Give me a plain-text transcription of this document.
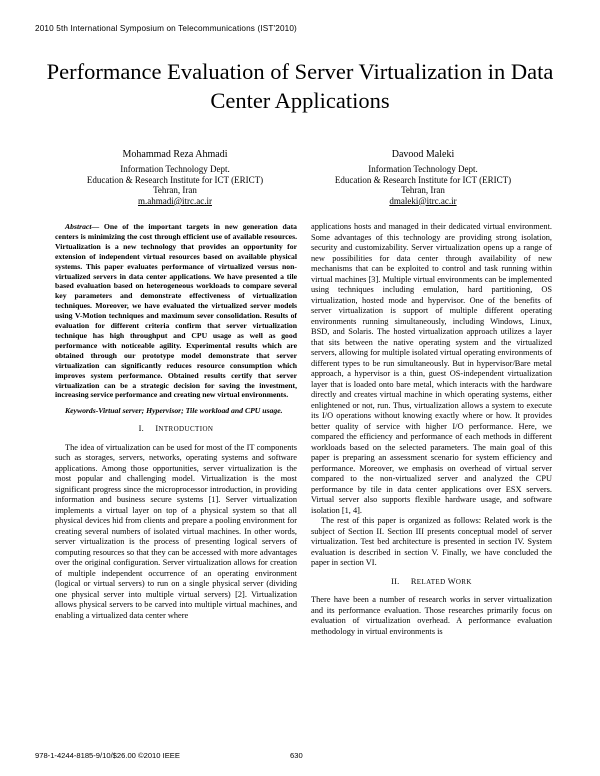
2010 5th International Symposium on Telecommunications (IST'2010)
Performance Evaluation of Server Virtualization in Data Center Applications
Mohammad Reza Ahmadi
Information Technology Dept.
Education & Research Institute for ICT (ERICT)
Tehran, Iran
m.ahmadi@itrc.ac.ir
Davood Maleki
Information Technology Dept.
Education & Research Institute for ICT (ERICT)
Tehran, Iran
dmaleki@itrc.ac.ir

Abstract— One of the important targets in new generation data centers is minimizing the cost through efficient use of available resources. Virtualization is a new technology that provides an opportunity for extension of independent virtual resources based on available physical systems. This paper evaluates performance of virtualized versus non-virtualized servers in data center applications. We have presented a tile based evaluation based on heterogeneous workloads to compare several key parameters and demonstrate effectiveness of virtualization techniques. Moreover, we have evaluated the virtualized server models using V-Motion techniques and maximum sever consolidation. Results of evaluation for different criteria confirm that server virtualization technique has high throughput and CPU usage as well as good performance with noticeable agility. Experimental results which are obtained through our prototype model demonstrate that server virtualization can significantly reduces resource consumption which improves system performance. Obtained results certify that server virtualization can be a strategic decision for saving the investment, increasing service performance and creating new virtual environments.

Keywords-Virtual server; Hypervisor; Tile workload and CPU usage.

I. INTRODUCTION

The idea of virtualization can be used for most of the IT components such as storages, servers, networks, operating systems and software applications. Among those opportunities, server virtualization is the most popular and challenging model. Virtualization is the most significant progress since the microprocessor introduction, in providing information and business secure systems [1]. Server virtualization implements a virtual layer on top of a physical system so that all physical devices hid from clients and prepare a pooling environment for creating several numbers of isolated virtual machines. In other words, server virtualization is the process of presenting logical servers of computing resources so that they can be accessed with more advantages over the original configuration. Server virtualization allows for creation of multiple independent occurrence of an operating environment (logical or virtual servers) to run on a single physical server (dividing one physical server into multiple virtual servers) [2]. Virtualization allows physical servers to be carved into multiple virtual machines, and enabling a virtualized data center where

applications hosts and managed in their dedicated virtual environment. Some advantages of this technology are providing strong isolation, security and customizability. Server virtualization opens up a range of new possibilities for data center through availability of new mechanisms that can be exploited to control and task running within virtual machines [3]. Multiple virtual environments can be implemented using techniques including emulation, hard partitioning, OS virtualization, hosted mode and hypervisor. One of the benefits of server virtualization is support of multiple different operating environments running simultaneously, including Windows, Linux, BSD, and Solaris. The hosted virtualization approach utilizes a layer that sits between the native operating system and the virtualized servers, allowing for multiple isolated virtual operating environments of different types to be run simultaneously. But in hypervisor/Bare metal approach, a hypervisor is a thin, guest OS-independent virtualization layer that is loaded onto bare metal, which interacts with the hardware directly and creates virtual machine in which operating systems, either enlightened or not, run. Thus, virtualization allows a system to execute its I/O operations without knowing exactly where or how. It provides better quality of service with higher I/O performance. Here, we compared the efficiency and performance of each methods in different workloads based on the selected parameters. The main goal of this paper is preparing an assessment scenario for system efficiency and performance. Moreover, we emphasis on overhead of virtual server compared to the non-virtualized server and analyzed the CPU performance by tile in data center applications over ESX servers. Virtual server also supports flexible hardware usage, and software isolation [1, 4].

The rest of this paper is organized as follows: Related work is the subject of Section II. Section III presents conceptual model of server virtualization. Test bed architecture is presented in section IV. System evaluation is described in section V. Finally, we have concluded the paper in section VI.

II. RELATED WORK

There have been a number of research works in server virtualization and its performance evaluation. Those researches primarily focus on evaluation of virtualization overhead. A performance evaluation methodology in virtual environments is

978-1-4244-8185-9/10/$26.00 ©2010 IEEE	630
